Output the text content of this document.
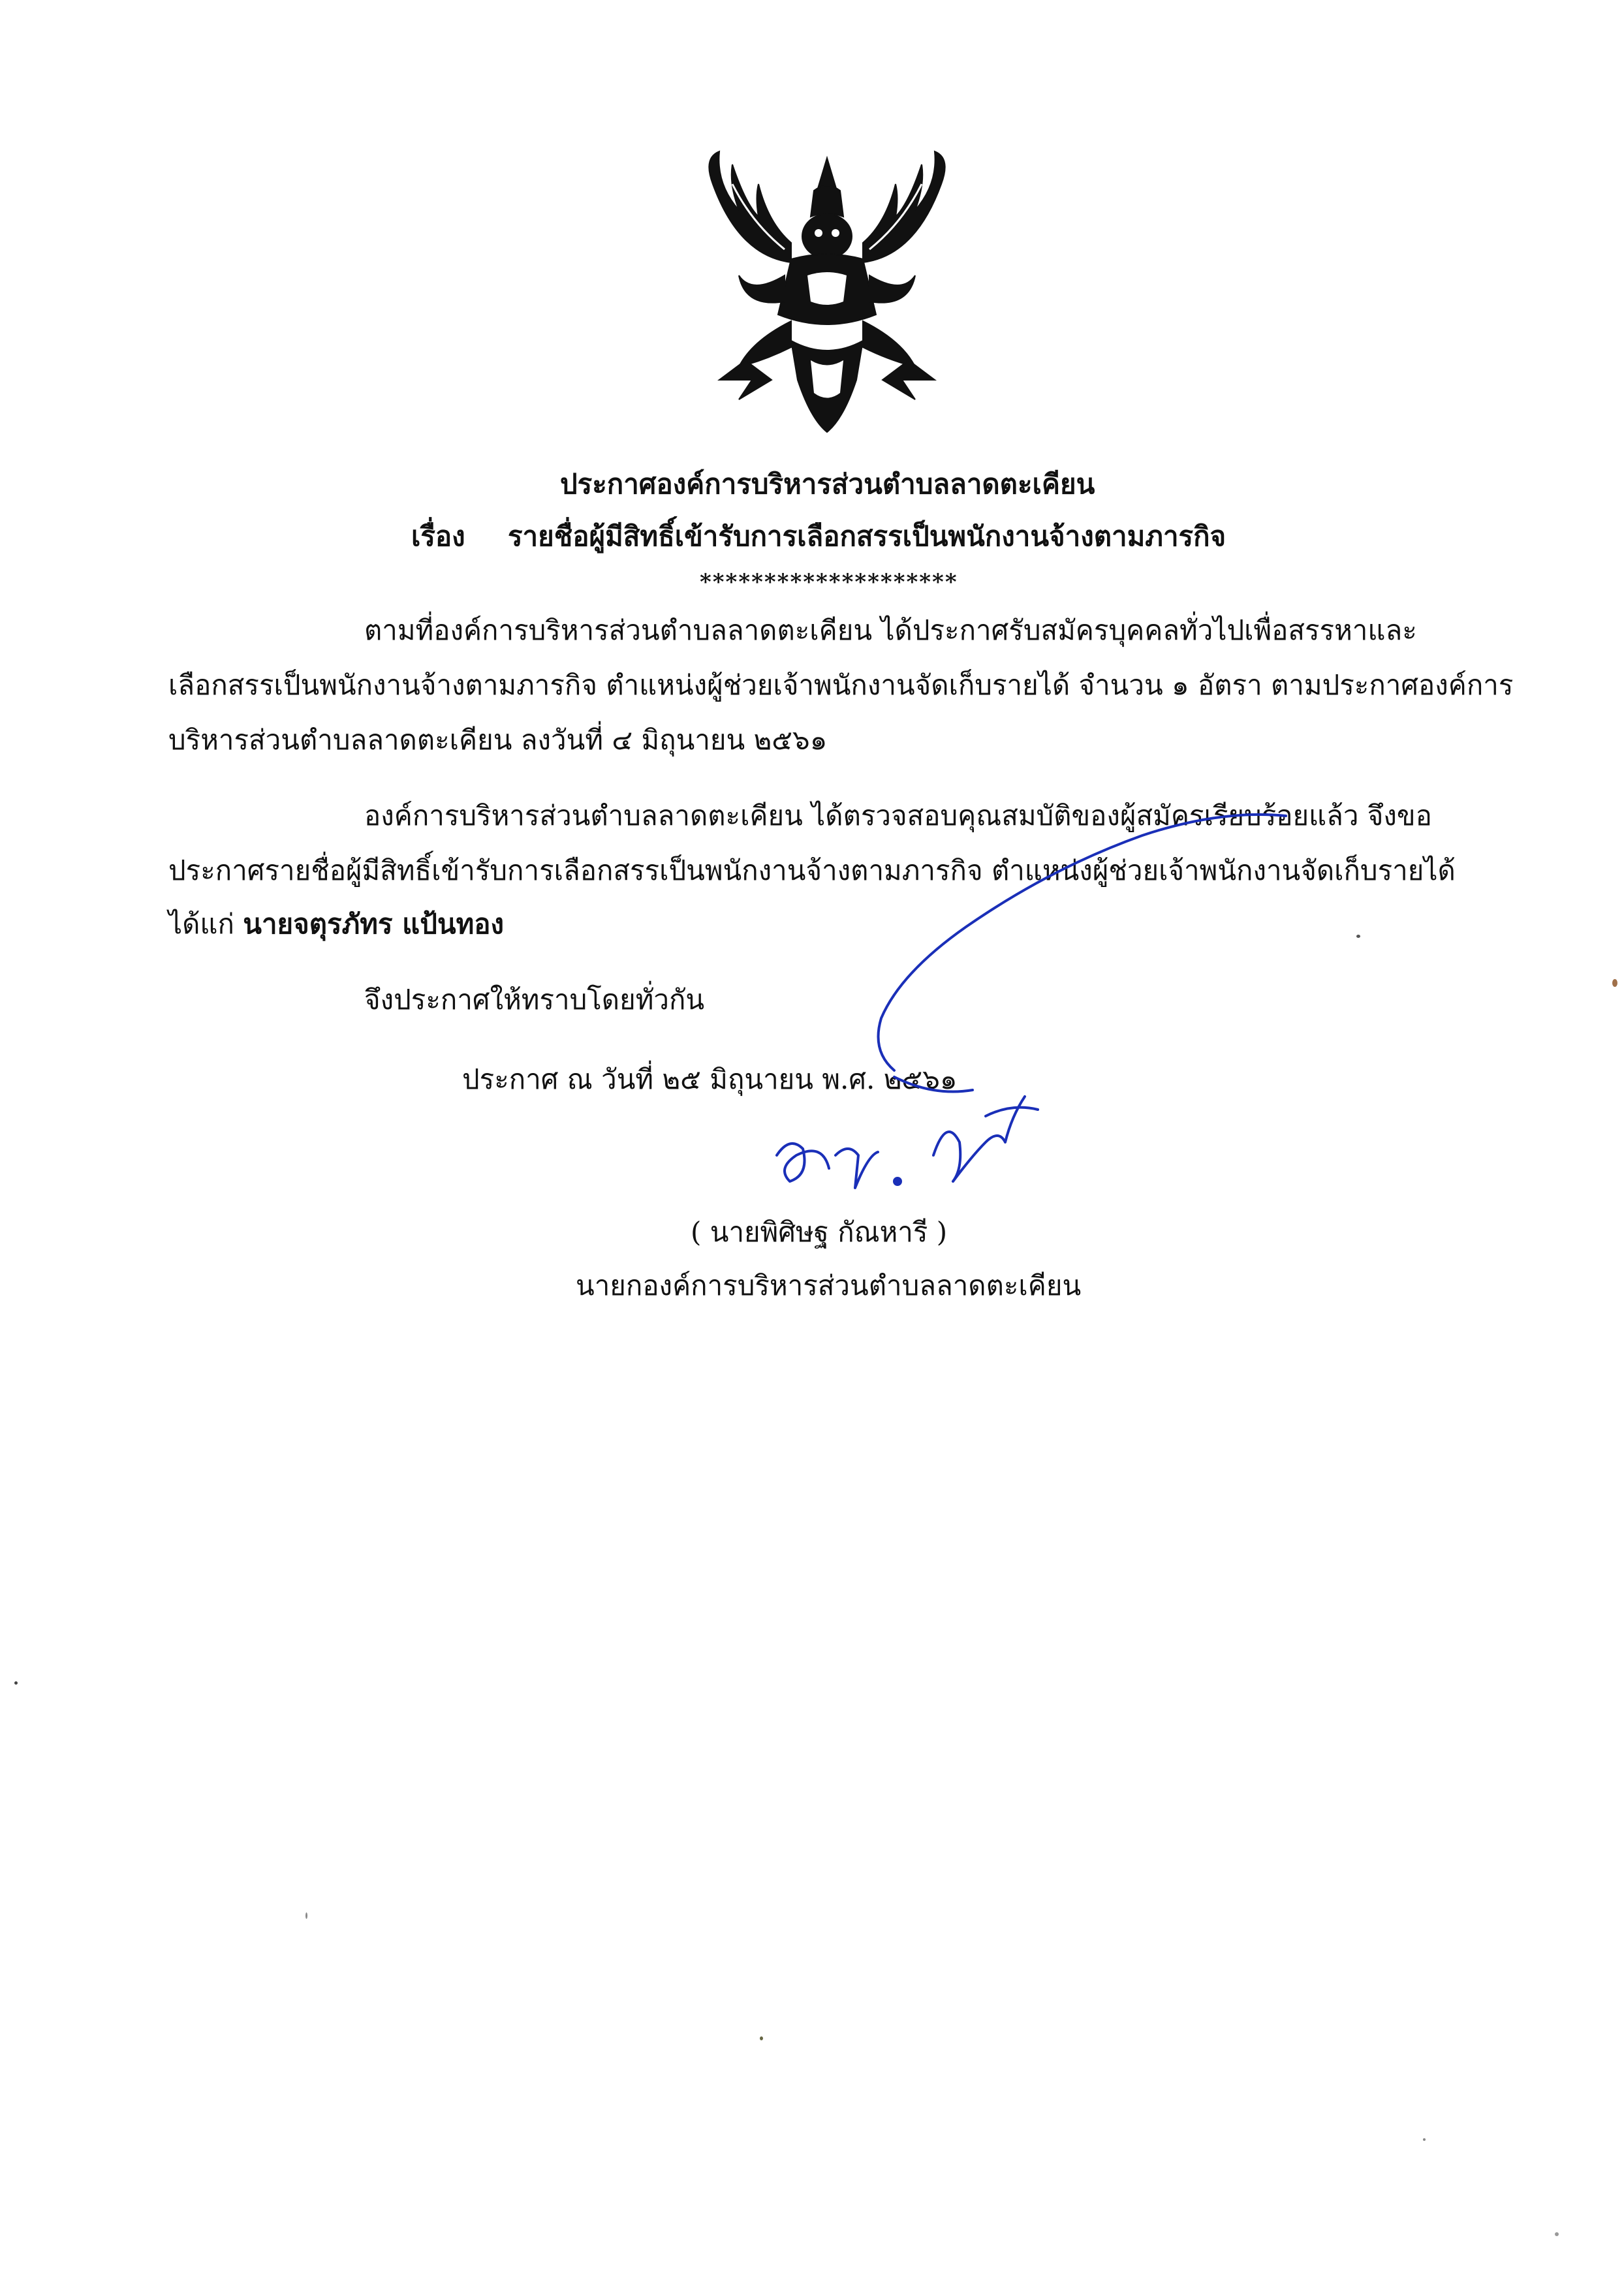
ประกาศองค์การบริหารส่วนตำบลลาดตะเคียน
เรื่อง รายชื่อผู้มีสิทธิ์เข้ารับการเลือกสรรเป็นพนักงานจ้างตามภารกิจ
********************
ตามที่องค์การบริหารส่วนตำบลลาดตะเคียน ได้ประกาศรับสมัครบุคคลทั่วไปเพื่อสรรหาและ
เลือกสรรเป็นพนักงานจ้างตามภารกิจ ตำแหน่งผู้ช่วยเจ้าพนักงานจัดเก็บรายได้ จำนวน ๑ อัตรา ตามประกาศองค์การ
บริหารส่วนตำบลลาดตะเคียน ลงวันที่ ๔ มิถุนายน ๒๕๖๑
องค์การบริหารส่วนตำบลลาดตะเคียน ได้ตรวจสอบคุณสมบัติของผู้สมัครเรียบร้อยแล้ว จึงขอ
ประกาศรายชื่อผู้มีสิทธิ์เข้ารับการเลือกสรรเป็นพนักงานจ้างตามภารกิจ ตำแหน่งผู้ช่วยเจ้าพนักงานจัดเก็บรายได้
ได้แก่ นายจตุรภัทร แป้นทอง
จึงประกาศให้ทราบโดยทั่วกัน
ประกาศ ณ วันที่ ๒๕ มิถุนายน พ.ศ. ๒๕๖๑
( นายพิศิษฐ กัณหารี )
นายกองค์การบริหารส่วนตำบลลาดตะเคียน
